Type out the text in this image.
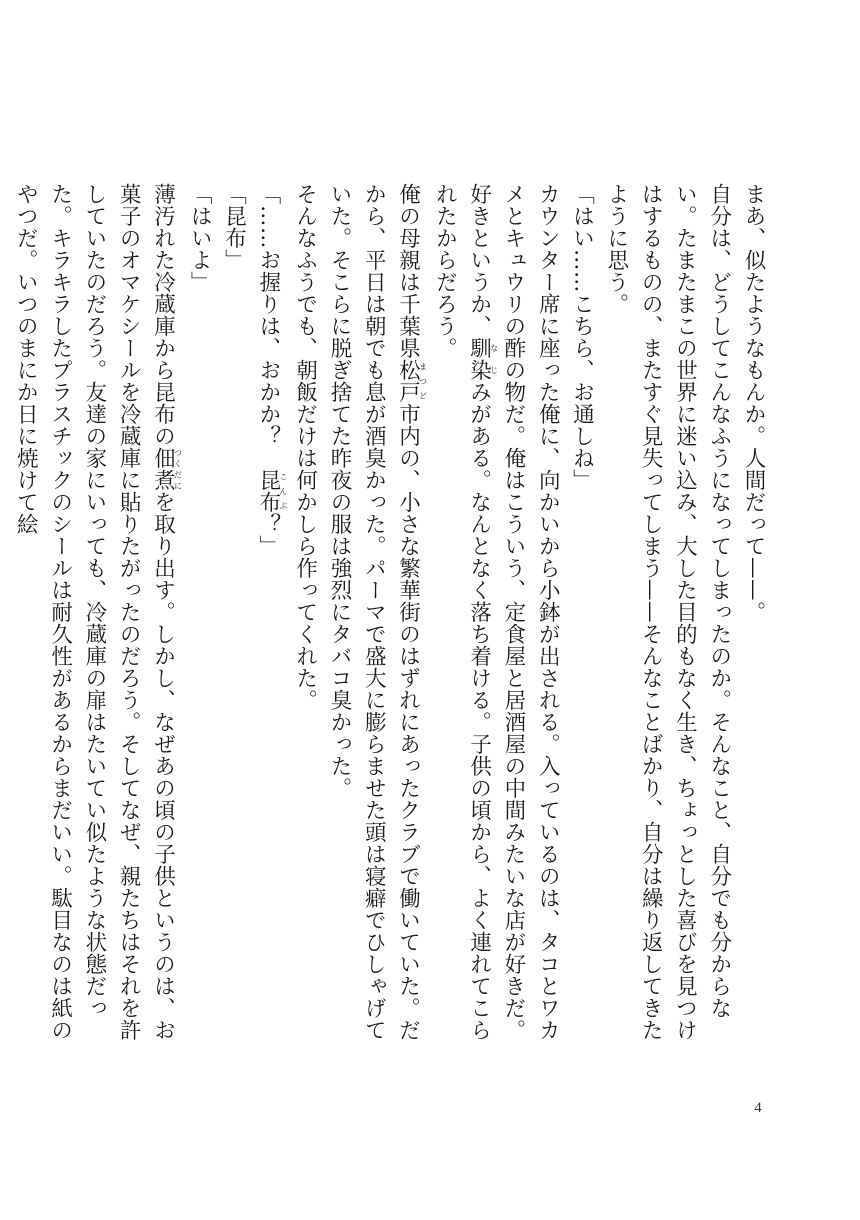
まあ、似たようなもんか。人間だって——。

自分は、どうしてこんなふうになってしまったのか。そんなこと、自分でも分からない。たまたまこの世界に迷い込み、大した目的もなく生き、ちょっとした喜びを見つけはするものの、またすぐ見失ってしまう——そんなことばかり、自分は繰り返してきたように思う。

「はい……こちら、お通しね」

カウンター席に座った俺に、向かいから小鉢が出される。入っているのは、タコとワカメとキュウリの酢の物だ。俺はこういう、定食屋と居酒屋の中間みたいな店が好きだ。好きというか、馴染なじみがある。なんとなく落ち着ける。子供の頃から、よく連れてこられたからだろう。

俺の母親は千葉県松戸まつど市内の、小さな繁華街のはずれにあったクラブで働いていた。だから、平日は朝でも息が酒臭かった。パーマで盛大に膨らませた頭は寝癖でひしゃげていた。そこらに脱ぎ捨てた昨夜の服は強烈にタバコ臭かった。

そんなふうでも、朝飯だけは何かしら作ってくれた。

「……お握りは、おかか？　昆布こんぶ？」

「昆布」

「はいよ」

薄汚れた冷蔵庫から昆布の佃煮つくだにを取り出す。しかし、なぜあの頃の子供というのは、お菓子のオマケシールを冷蔵庫に貼りたがったのだろう。そしてなぜ、親たちはそれを許していたのだろう。友達の家にいっても、冷蔵庫の扉はたいてい似たような状態だった。キラキラしたプラスチックのシールは耐久性があるからまだいい。駄目なのは紙のやつだ。いつのまにか日に焼けて絵

4
